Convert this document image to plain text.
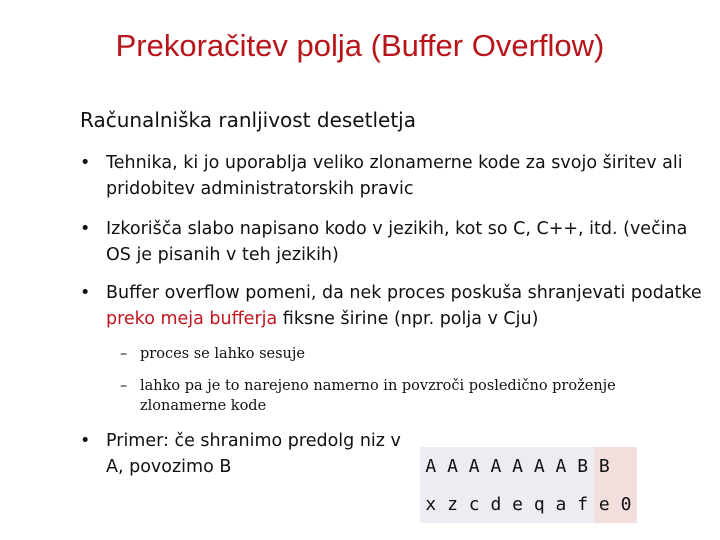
Prekoračitev polja (Buffer Overflow)
Računalniška ranljivost desetletja
• Tehnika, ki jo uporablja veliko zlonamerne kode za svojo širitev ali pridobitev administratorskih pravic
• Izkorišča slabo napisano kodo v jezikih, kot so C, C++, itd. (večina OS je pisanih v teh jezikih)
• Buffer overflow pomeni, da nek proces poskuša shranjevati podatke preko meja bufferja fiksne širine (npr. polja v Cju)
– proces se lahko sesuje
– lahko pa je to narejeno namerno in povzroči posledično proženje zlonamerne kode
• Primer: če shranimo predolg niz v A, povozimo B	A	A	A	A	A	A	A	B	B	
x	z	c	d	e	q	a	f	e	0
